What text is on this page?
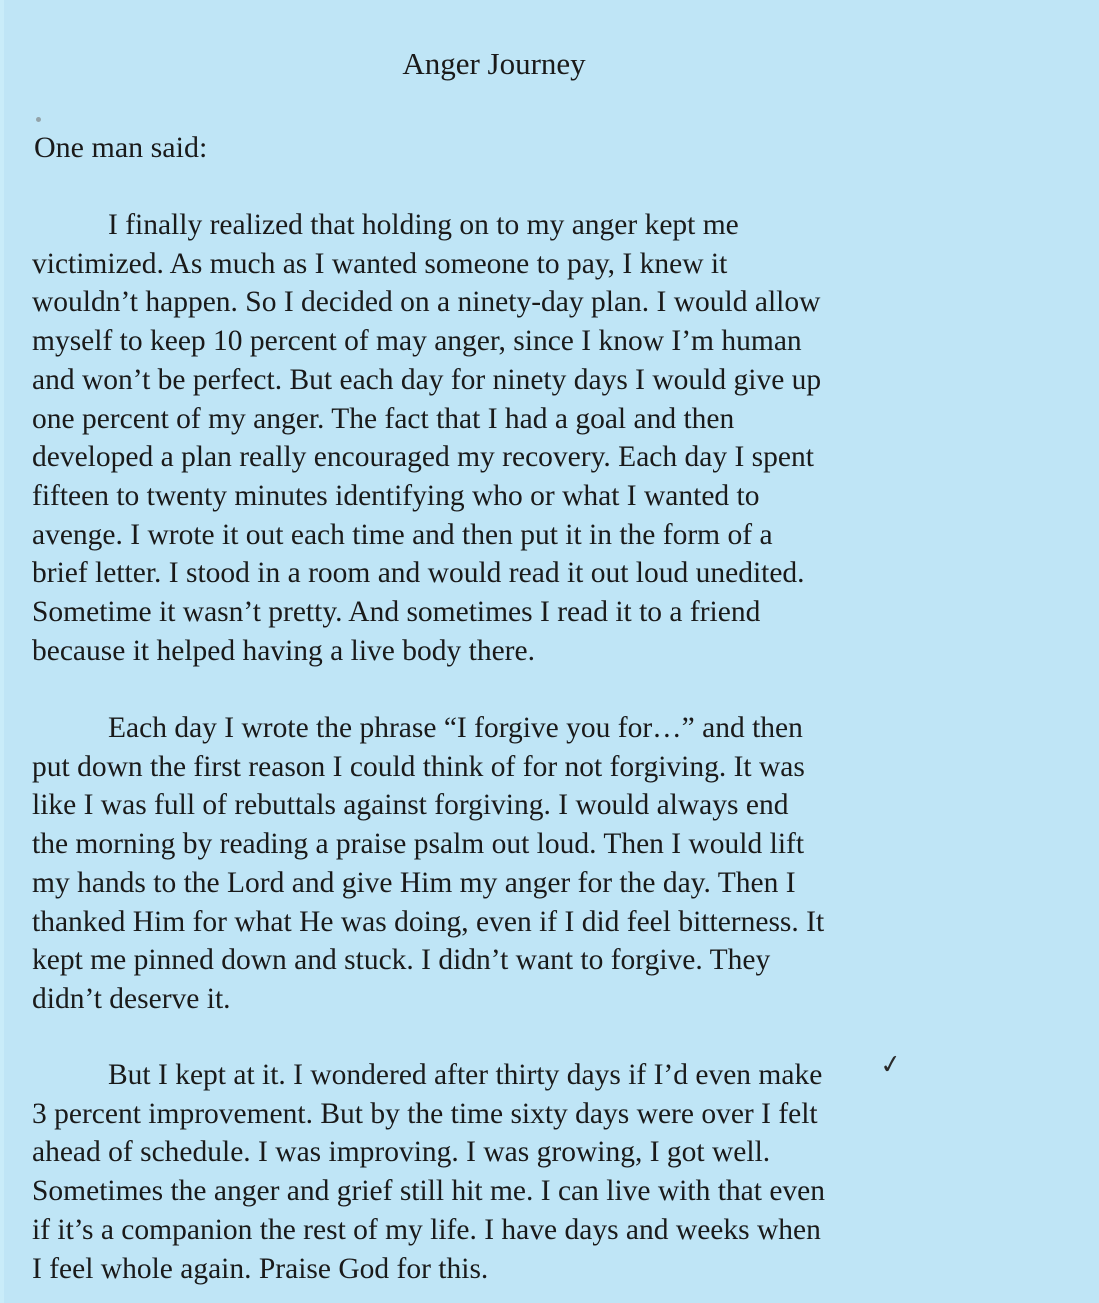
Anger Journey
One man said:
I finally realized that holding on to my anger kept me
victimized. As much as I wanted someone to pay, I knew it
wouldn’t happen. So I decided on a ninety-day plan. I would allow
myself to keep 10 percent of may anger, since I know I’m human
and won’t be perfect. But each day for ninety days I would give up
one percent of my anger. The fact that I had a goal and then
developed a plan really encouraged my recovery. Each day I spent
fifteen to twenty minutes identifying who or what I wanted to
avenge. I wrote it out each time and then put it in the form of a
brief letter. I stood in a room and would read it out loud unedited.
Sometime it wasn’t pretty. And sometimes I read it to a friend
because it helped having a live body there.
Each day I wrote the phrase “I forgive you for…” and then
put down the first reason I could think of for not forgiving. It was
like I was full of rebuttals against forgiving. I would always end
the morning by reading a praise psalm out loud. Then I would lift
my hands to the Lord and give Him my anger for the day. Then I
thanked Him for what He was doing, even if I did feel bitterness. It
kept me pinned down and stuck. I didn’t want to forgive. They
didn’t deserve it.
But I kept at it. I wondered after thirty days if I’d even make
3 percent improvement. But by the time sixty days were over I felt
ahead of schedule. I was improving. I was growing, I got well.
Sometimes the anger and grief still hit me. I can live with that even
if it’s a companion the rest of my life. I have days and weeks when
I feel whole again. Praise God for this.
✓
